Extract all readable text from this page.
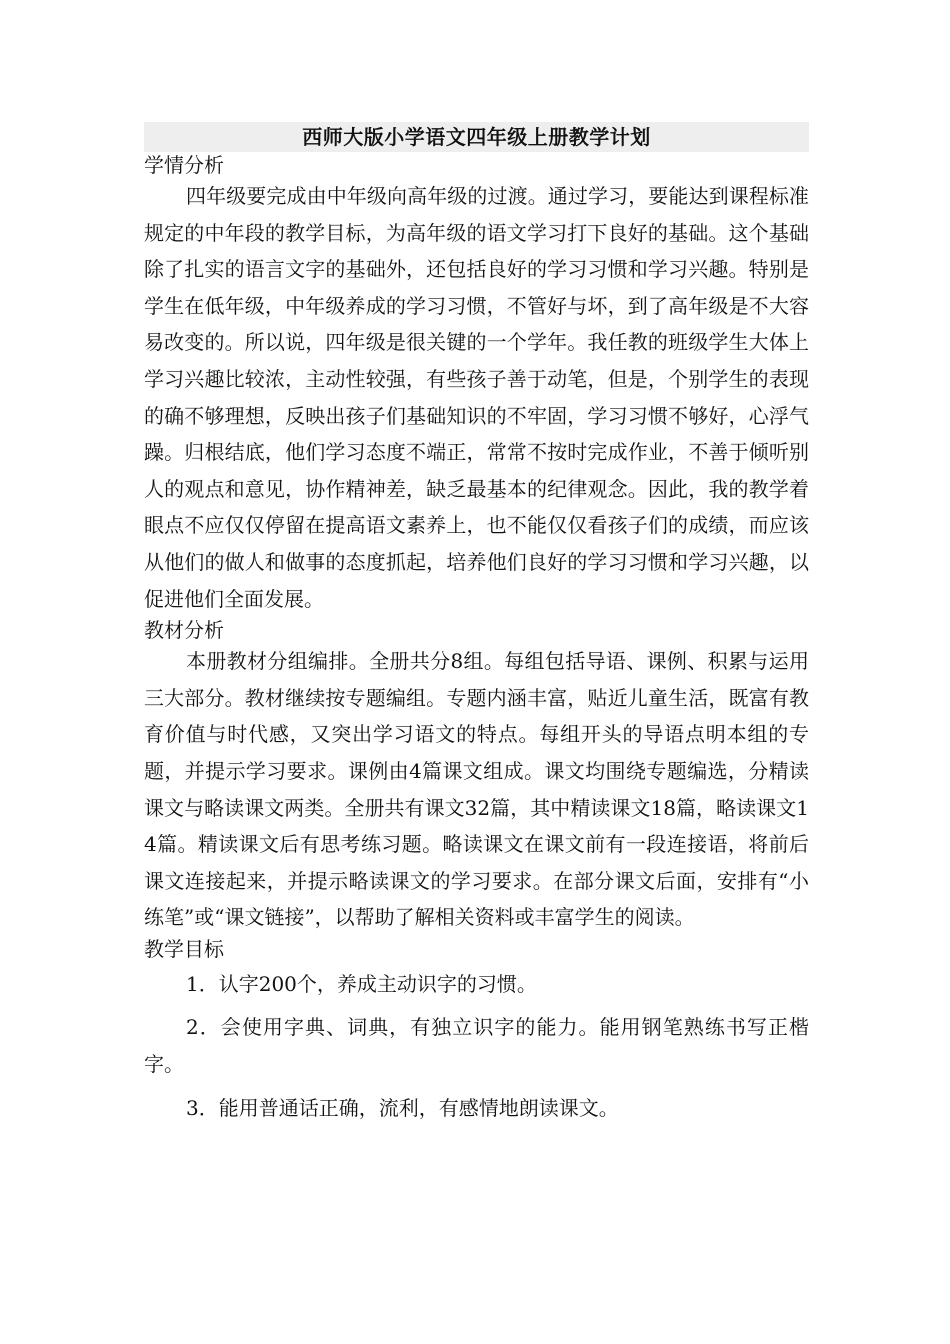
西师大版小学语文四年级上册教学计划

学情分析

四年级要完成由中年级向高年级的过渡。通过学习，要能达到课程标准规定的中年段的教学目标，为高年级的语文学习打下良好的基础。这个基础除了扎实的语言文字的基础外，还包括良好的学习习惯和学习兴趣。特别是学生在低年级，中年级养成的学习习惯，不管好与坏，到了高年级是不大容易改变的。所以说，四年级是很关键的一个学年。我任教的班级学生大体上学习兴趣比较浓，主动性较强，有些孩子善于动笔，但是，个别学生的表现的确不够理想，反映出孩子们基础知识的不牢固，学习习惯不够好，心浮气躁。归根结底，他们学习态度不端正，常常不按时完成作业，不善于倾听别人的观点和意见，协作精神差，缺乏最基本的纪律观念。因此，我的教学着眼点不应仅仅停留在提高语文素养上，也不能仅仅看孩子们的成绩，而应该从他们的做人和做事的态度抓起，培养他们良好的学习习惯和学习兴趣，以促进他们全面发展。

教材分析

本册教材分组编排。全册共分8组。每组包括导语、课例、积累与运用三大部分。教材继续按专题编组。专题内涵丰富，贴近儿童生活，既富有教育价值与时代感，又突出学习语文的特点。每组开头的导语点明本组的专题，并提示学习要求。课例由4篇课文组成。课文均围绕专题编选，分精读课文与略读课文两类。全册共有课文32篇，其中精读课文18篇，略读课文14篇。精读课文后有思考练习题。略读课文在课文前有一段连接语，将前后课文连接起来，并提示略读课文的学习要求。在部分课文后面，安排有“小练笔”或“课文链接”，以帮助了解相关资料或丰富学生的阅读。

教学目标

1．认字200个，养成主动识字的习惯。

2．会使用字典、词典，有独立识字的能力。能用钢笔熟练书写正楷字。

3．能用普通话正确，流利，有感情地朗读课文。
